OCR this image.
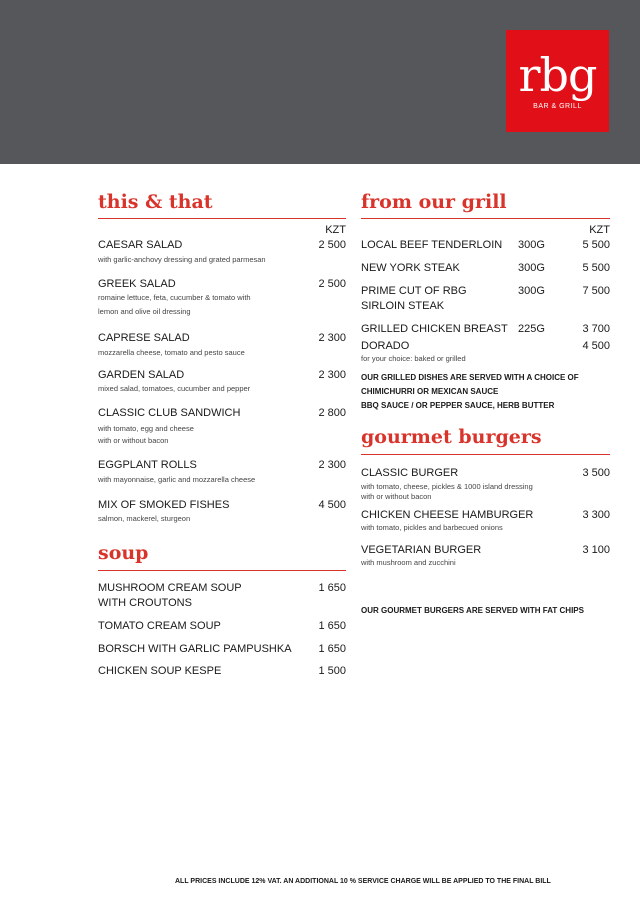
rbg
BAR & GRILL
this & that
KZT
CAESAR SALAD	2 500
with garlic-anchovy dressing and grated parmesan
GREEK SALAD	2 500
romaine lettuce, feta, cucumber & tomato with
lemon and olive oil dressing
CAPRESE SALAD	2 300
mozzarella cheese, tomato and pesto sauce
GARDEN SALAD	2 300
mixed salad, tomatoes, cucumber and pepper
CLASSIC CLUB SANDWICH	2 800
with tomato, egg and cheese
with or without bacon
EGGPLANT ROLLS	2 300
with mayonnaise, garlic and mozzarella cheese
MIX OF SMOKED FISHES	4 500
salmon, mackerel, sturgeon
soup
MUSHROOM CREAM SOUP
WITH CROUTONS
1 650
TOMATO CREAM SOUP	1 650
BORSCH WITH GARLIC PAMPUSHKA	1 650
CHICKEN SOUP KESPE	1 500
from our grill
KZT
LOCAL BEEF TENDERLOIN 300G	5 500
NEW YORK STEAK	300G	5 500
PRIME CUT OF RBG
SIRLOIN STEAK
300G	7 500
GRILLED CHICKEN BREAST 225G	3 700
DORADO	4 500
for your choice: baked or grilled
OUR GRILLED DISHES ARE SERVED WITH A CHOICE OF
CHIMICHURRI OR MEXICAN SAUCE
BBQ SAUCE / OR PEPPER SAUCE, HERB BUTTER
gourmet burgers
CLASSIC BURGER	3 500
with tomato, cheese, pickles & 1000 island dressing
with or without bacon
CHICKEN CHEESE HAMBURGER	3 300
with tomato, pickles and barbecued onions
VEGETARIAN BURGER	3 100
with mushroom and zucchini
OUR GOURMET BURGERS ARE SERVED WITH FAT CHIPS
ALL PRICES INCLUDE 12% VAT. AN ADDITIONAL 10 % SERVICE CHARGE WILL BE APPLIED TO THE FINAL BILL
